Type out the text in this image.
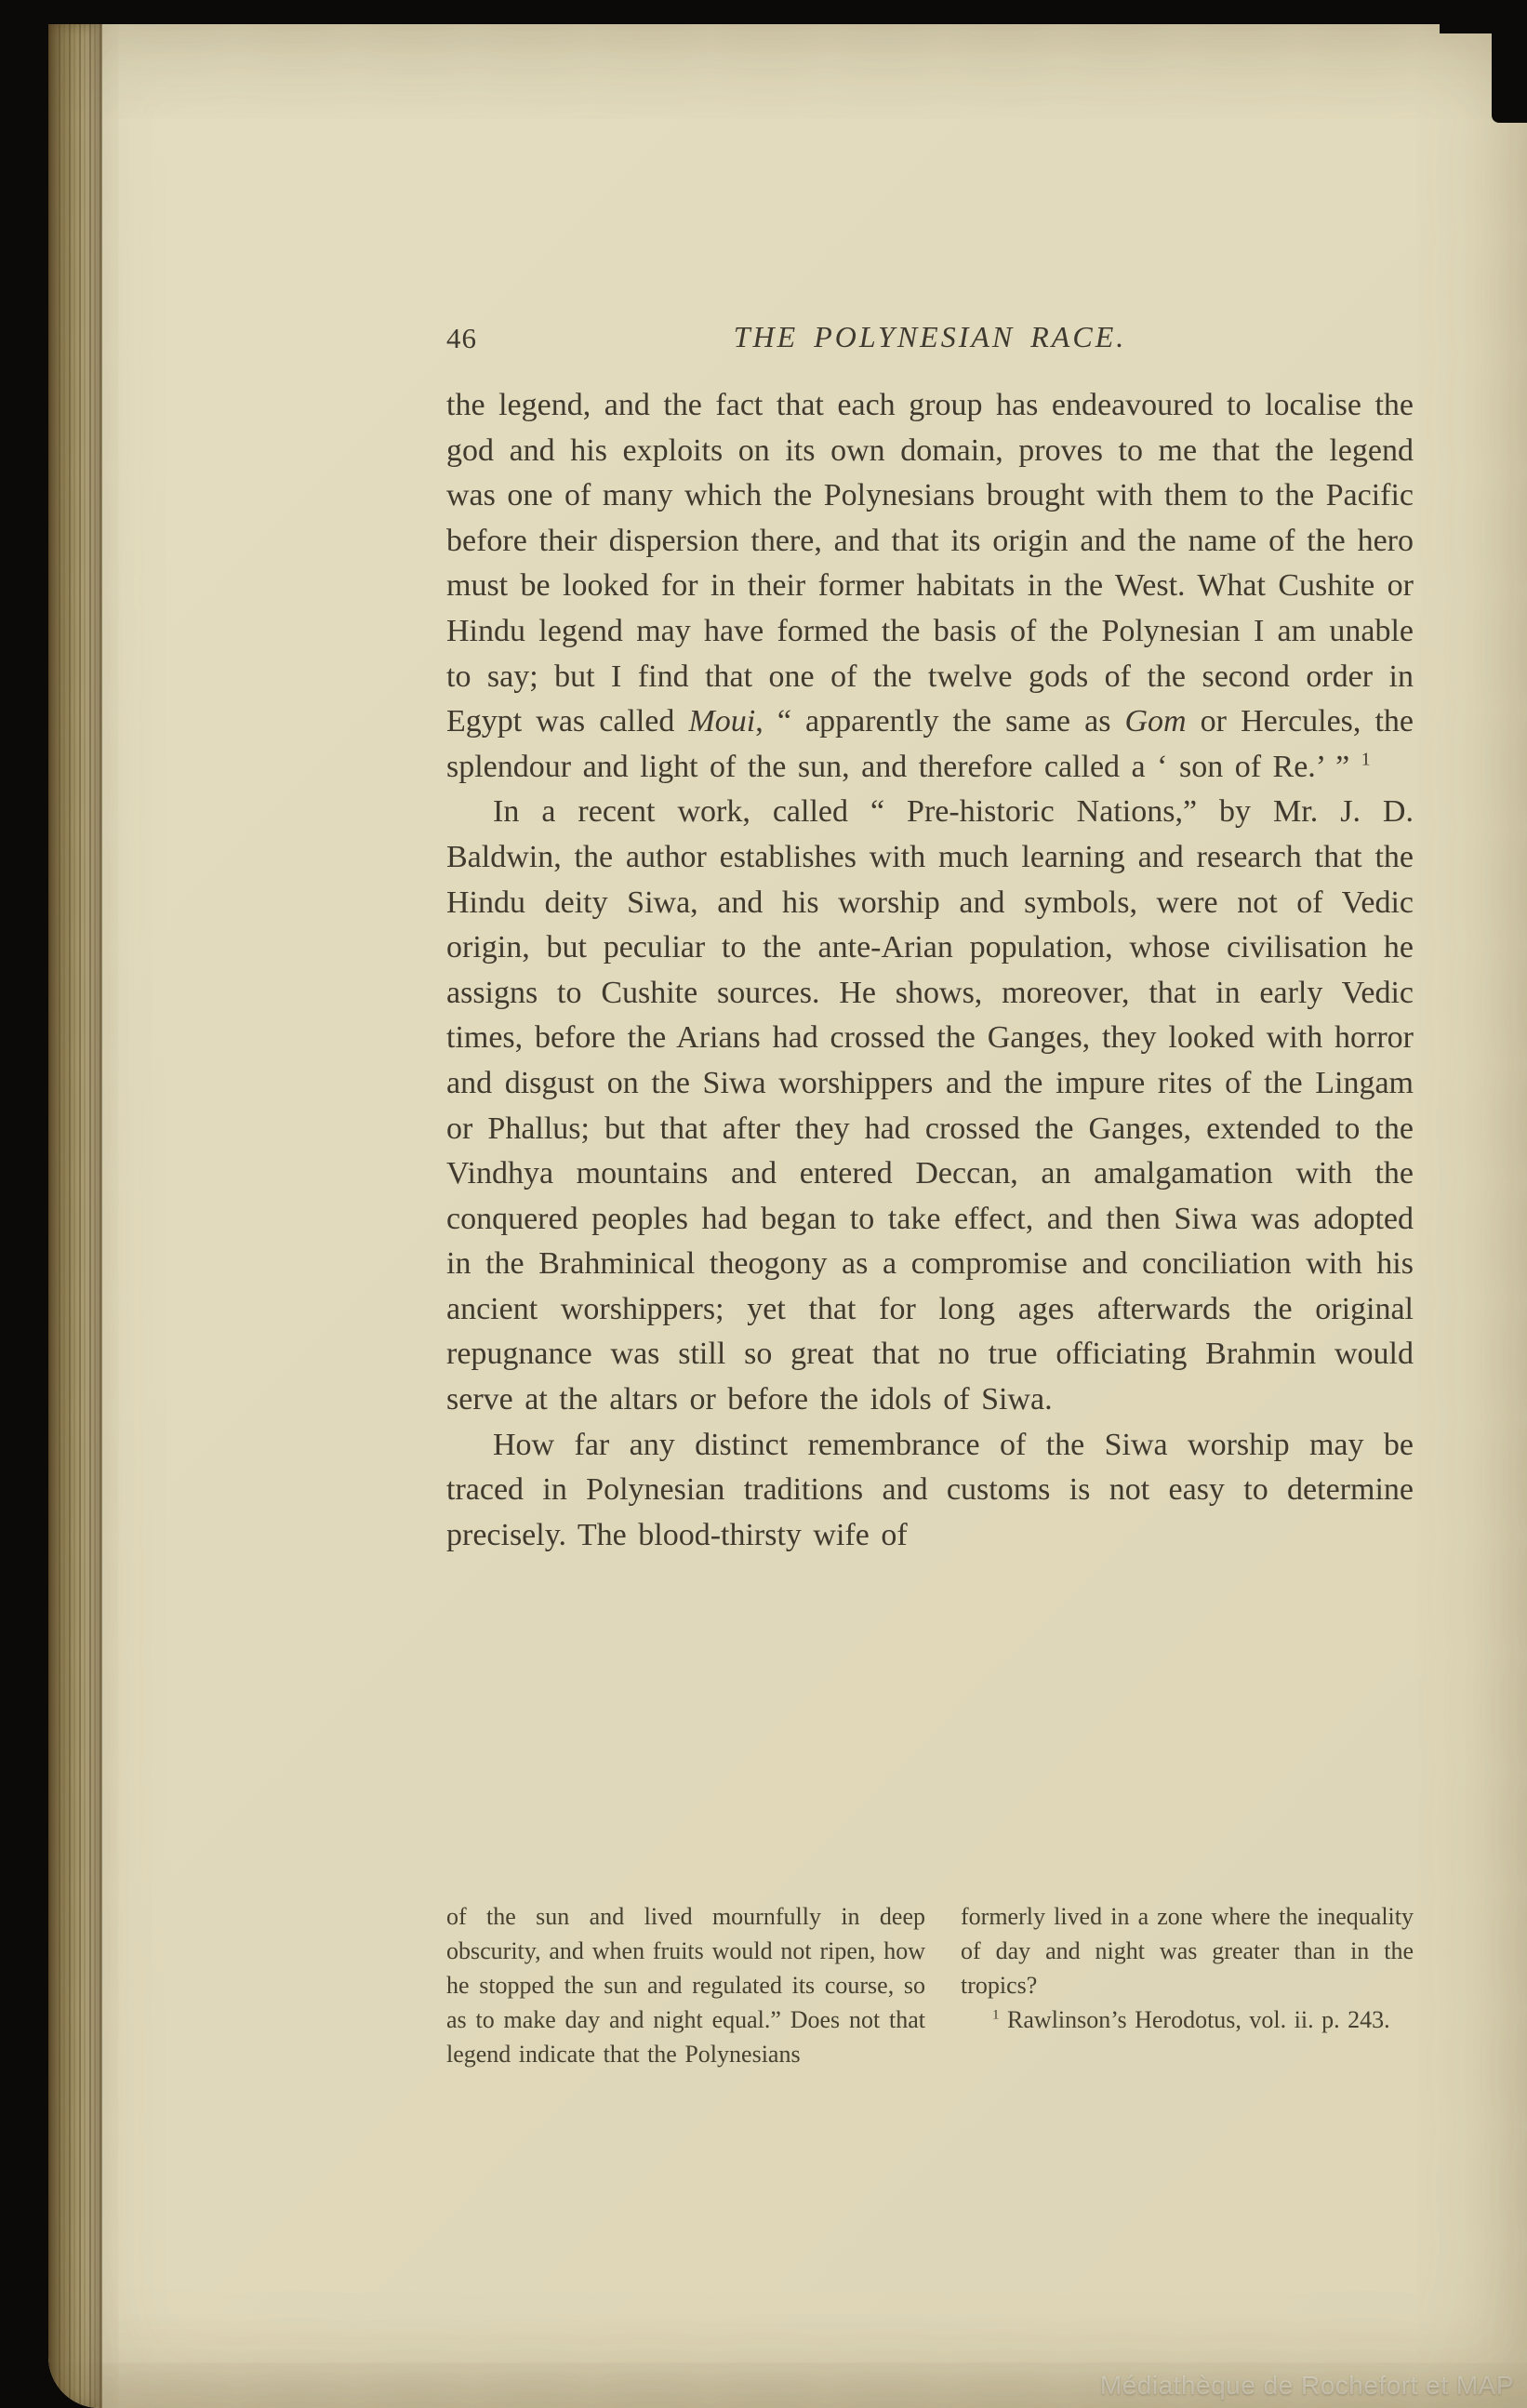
46	THE POLYNESIAN RACE.

the legend, and the fact that each group has endeavoured to localise the god and his exploits on its own domain, proves to me that the legend was one of many which the Polynesians brought with them to the Pacific before their dispersion there, and that its origin and the name of the hero must be looked for in their former habitats in the West. What Cushite or Hindu legend may have formed the basis of the Polynesian I am unable to say; but I find that one of the twelve gods of the second order in Egypt was called Moui, “ apparently the same as Gom or Hercules, the splendour and light of the sun, and therefore called a ‘ son of Re.’ ” $^1$

In a recent work, called “ Pre-historic Nations,” by Mr. J. D. Baldwin, the author establishes with much learning and research that the Hindu deity Siwa, and his worship and symbols, were not of Vedic origin, but peculiar to the ante-Arian population, whose civilisation he assigns to Cushite sources. He shows, moreover, that in early Vedic times, before the Arians had crossed the Ganges, they looked with horror and disgust on the Siwa worshippers and the impure rites of the Lingam or Phallus; but that after they had crossed the Ganges, extended to the Vindhya mountains and entered Deccan, an amalgamation with the conquered peoples had began to take effect, and then Siwa was adopted in the Brahminical theogony as a compromise and conciliation with his ancient worshippers; yet that for long ages afterwards the original repugnance was still so great that no true officiating Brahmin would serve at the altars or before the idols of Siwa.

How far any distinct remembrance of the Siwa worship may be traced in Polynesian traditions and customs is not easy to determine precisely. The blood-thirsty wife of

of the sun and lived mournfully in deep obscurity, and when fruits would not ripen, how he stopped the sun and regulated its course, so as to make day and night equal.” Does not that legend indicate that the Polynesians

formerly lived in a zone where the inequality of day and night was greater than in the tropics?

$^1$ Rawlinson’s Herodotus, vol. ii. p. 243.

Médiathèque de Rochefort et MAP
